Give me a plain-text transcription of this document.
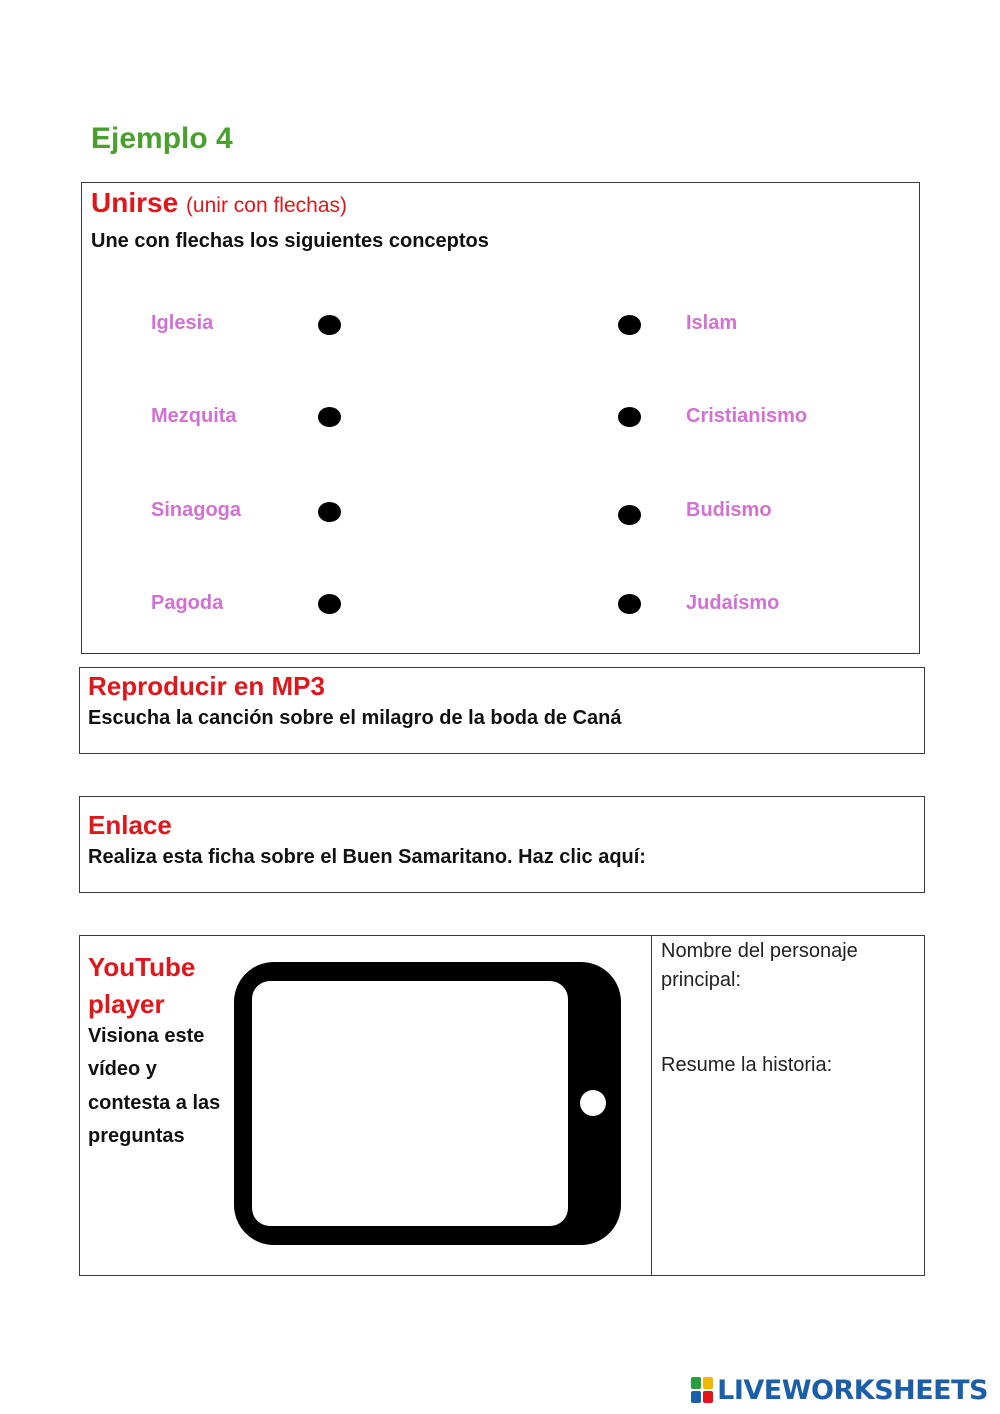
Ejemplo 4
Unirse (unir con flechas)
Une con flechas los siguientes conceptos
Iglesia
Mezquita
Sinagoga
Pagoda
Islam
Cristianismo
Budismo
Judaísmo
Reproducir en MP3
Escucha la canción sobre el milagro de la boda de Caná
Enlace
Realiza esta ficha sobre el Buen Samaritano. Haz clic aquí:
YouTube player
Visiona este vídeo y contesta a las preguntas
Nombre del personaje principal:
Resume la historia:
LIVEWORKSHEETS
